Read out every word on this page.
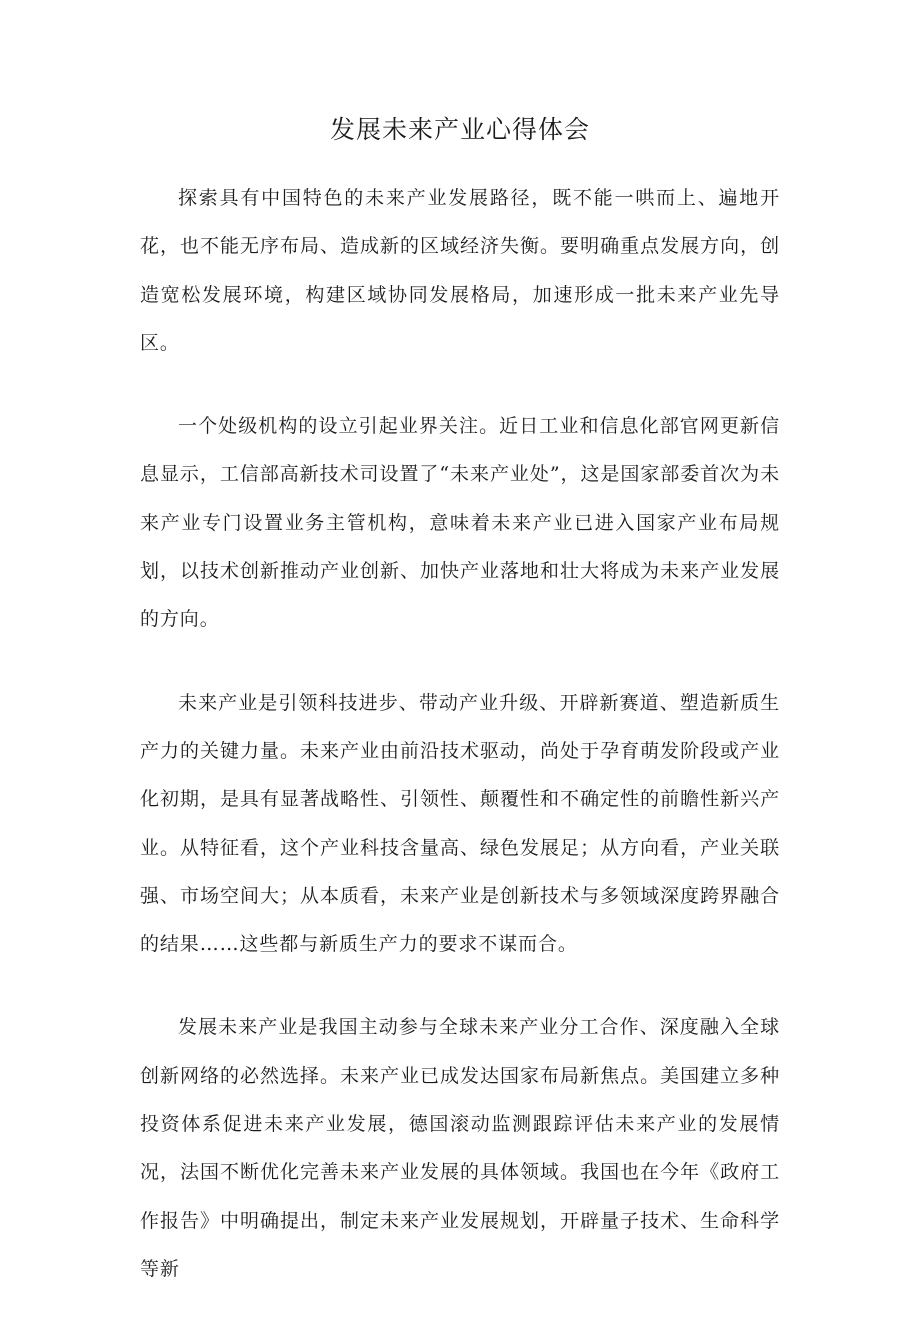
发展未来产业心得体会

探索具有中国特色的未来产业发展路径，既不能一哄而上、遍地开花，也不能无序布局、造成新的区域经济失衡。要明确重点发展方向，创造宽松发展环境，构建区域协同发展格局，加速形成一批未来产业先导区。

一个处级机构的设立引起业界关注。近日工业和信息化部官网更新信息显示，工信部高新技术司设置了“未来产业处”，这是国家部委首次为未来产业专门设置业务主管机构，意味着未来产业已进入国家产业布局规划，以技术创新推动产业创新、加快产业落地和壮大将成为未来产业发展的方向。

未来产业是引领科技进步、带动产业升级、开辟新赛道、塑造新质生产力的关键力量。未来产业由前沿技术驱动，尚处于孕育萌发阶段或产业化初期，是具有显著战略性、引领性、颠覆性和不确定性的前瞻性新兴产业。从特征看，这个产业科技含量高、绿色发展足；从方向看，产业关联强、市场空间大；从本质看，未来产业是创新技术与多领域深度跨界融合的结果……这些都与新质生产力的要求不谋而合。

发展未来产业是我国主动参与全球未来产业分工合作、深度融入全球创新网络的必然选择。未来产业已成发达国家布局新焦点。美国建立多种投资体系促进未来产业发展，德国滚动监测跟踪评估未来产业的发展情况，法国不断优化完善未来产业发展的具体领域。我国也在今年《政府工作报告》中明确提出，制定未来产业发展规划，开辟量子技术、生命科学等新
